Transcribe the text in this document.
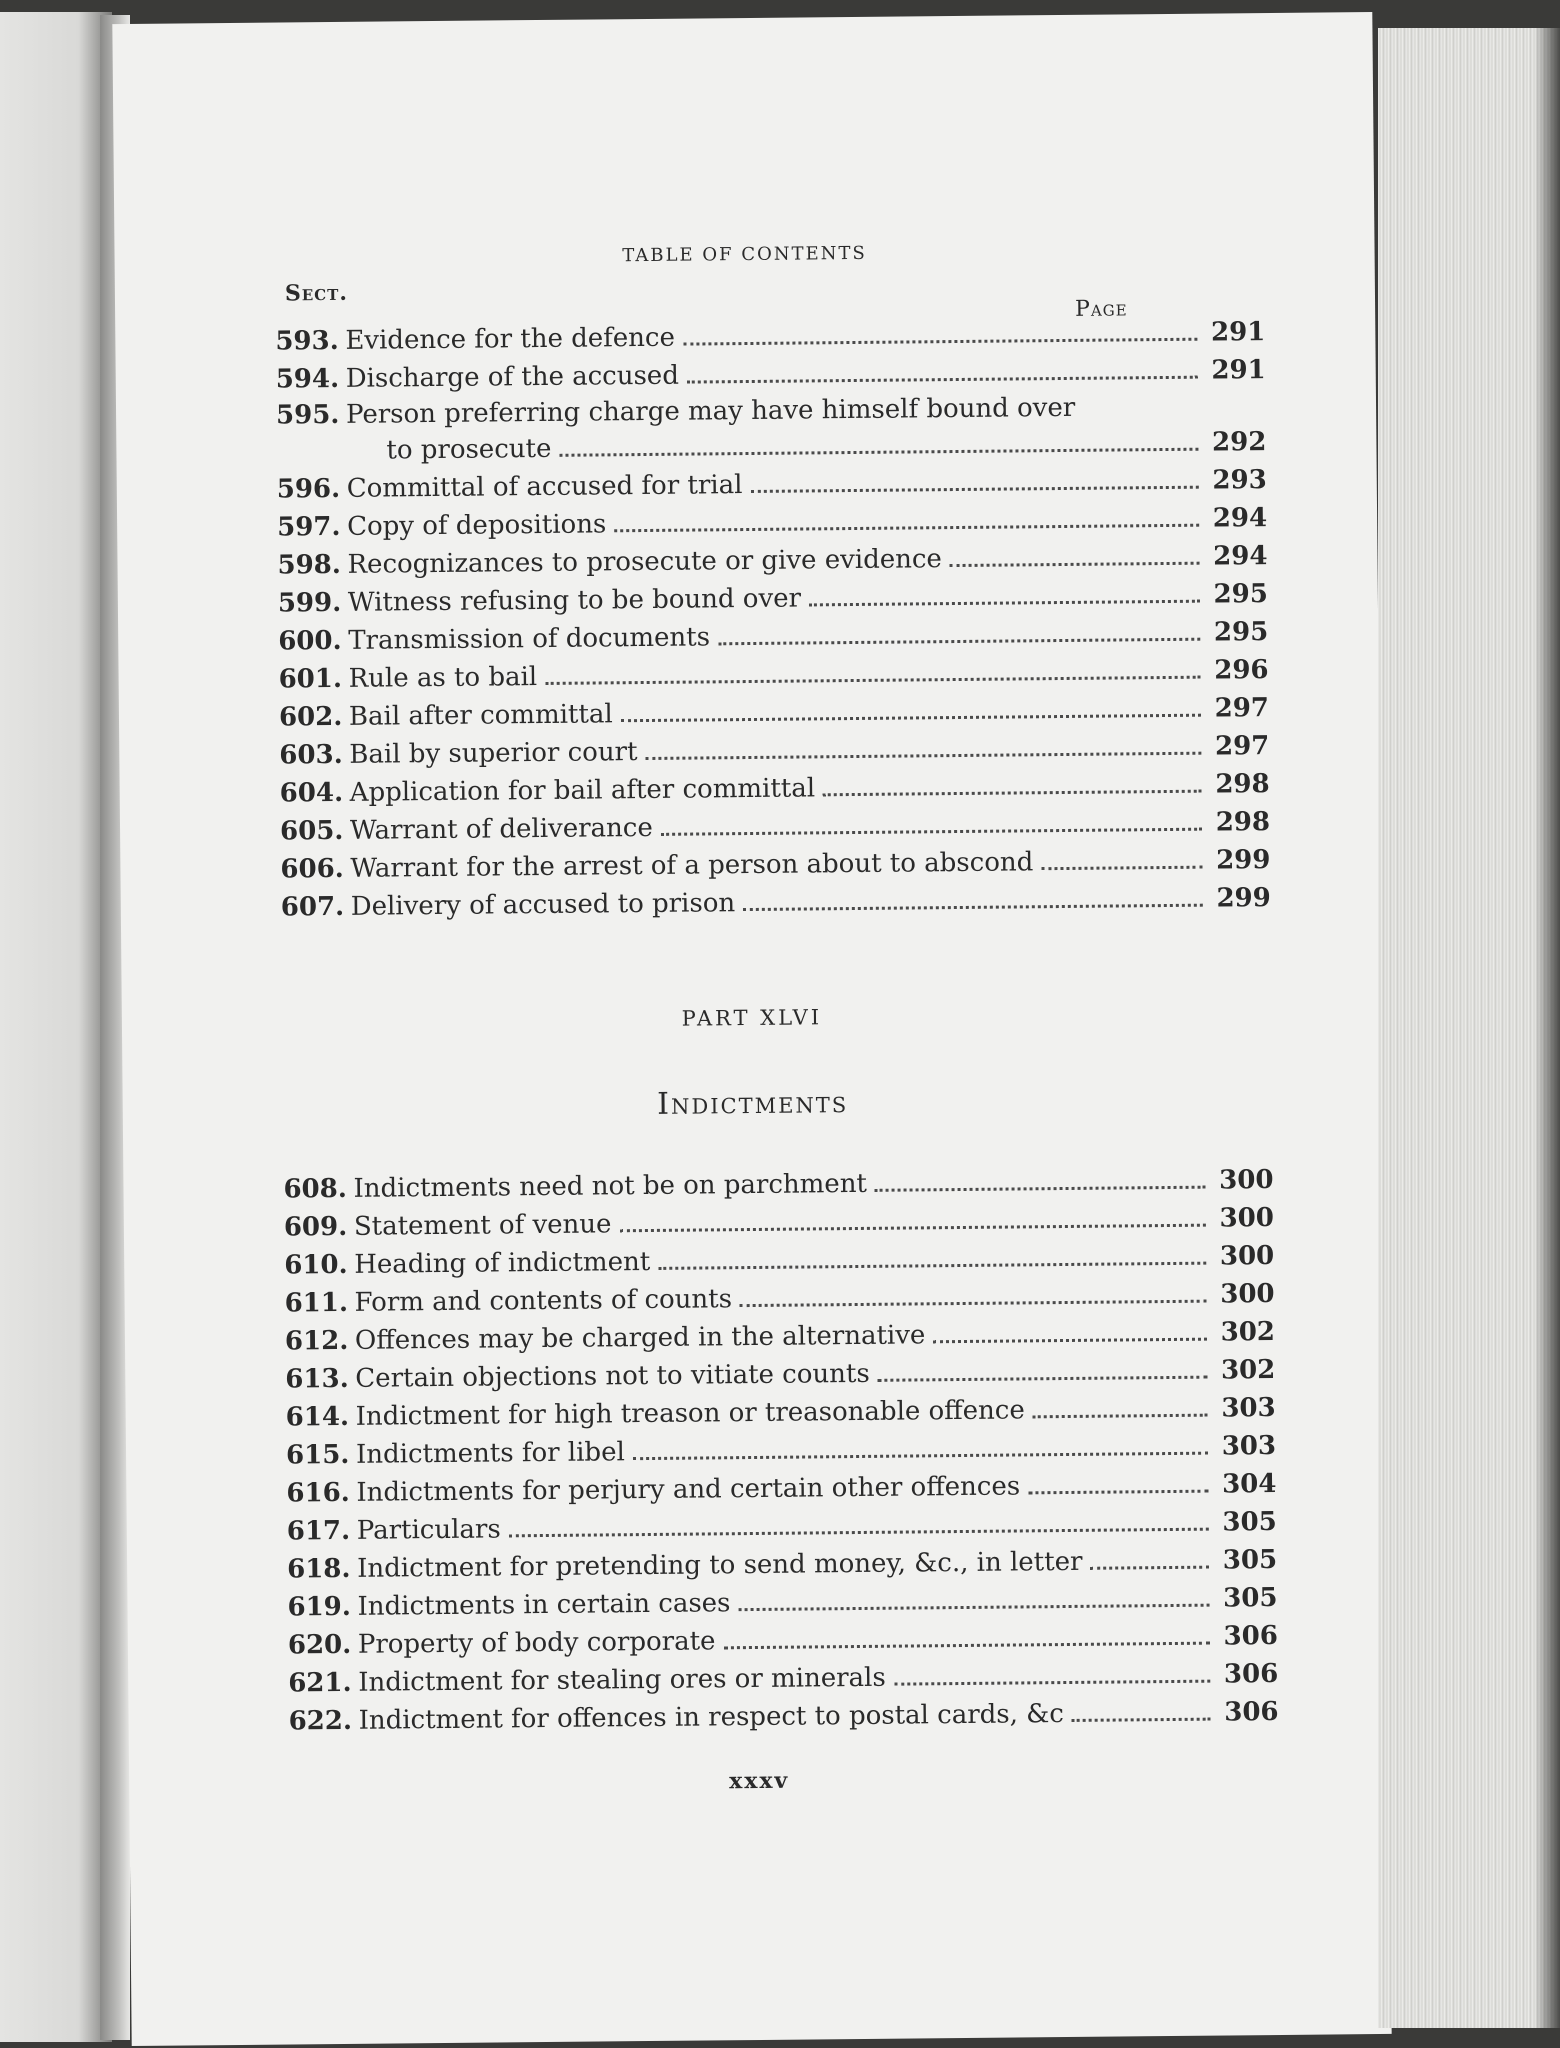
TABLE OF CONTENTS
Sect.
Page
593. Evidence for the defence	291
594. Discharge of the accused	291
595. Person preferring charge may have himself bound over
to prosecute	292
596. Committal of accused for trial	293
597. Copy of depositions	294
598. Recognizances to prosecute or give evidence	294
599. Witness refusing to be bound over	295
600. Transmission of documents	295
601. Rule as to bail	296
602. Bail after committal	297
603. Bail by superior court	297
604. Application for bail after committal	298
605. Warrant of deliverance	298
606. Warrant for the arrest of a person about to abscond	299
607. Delivery of accused to prison	299
PART XLVI
Indictments
608. Indictments need not be on parchment	300
609. Statement of venue	300
610. Heading of indictment	300
611. Form and contents of counts	300
612. Offences may be charged in the alternative	302
613. Certain objections not to vitiate counts	302
614. Indictment for high treason or treasonable offence	303
615. Indictments for libel	303
616. Indictments for perjury and certain other offences	304
617. Particulars	305
618. Indictment for pretending to send money, &c., in letter	305
619. Indictments in certain cases	305
620. Property of body corporate	306
621. Indictment for stealing ores or minerals	306
622. Indictment for offences in respect to postal cards, &c	306
xxxv
